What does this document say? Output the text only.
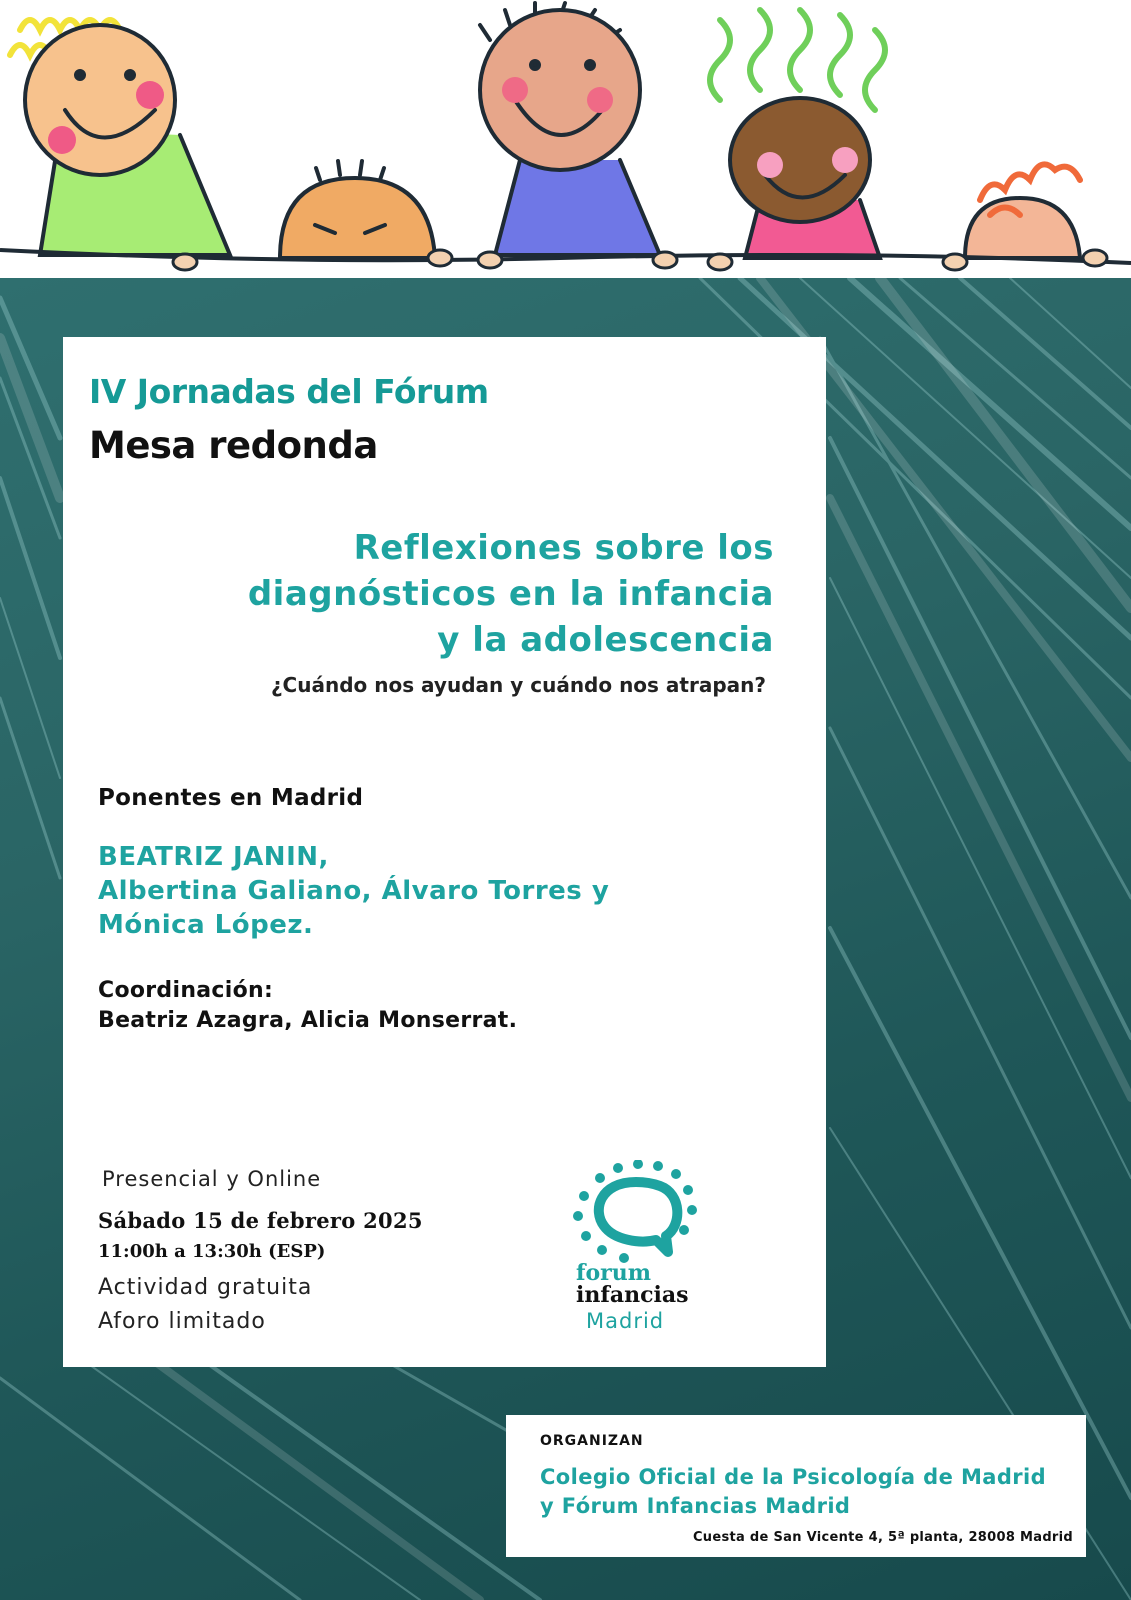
IV Jornadas del Fórum
Mesa redonda
Reflexiones sobre los
diagnósticos en la infancia
y la adolescencia
¿Cuándo nos ayudan y cuándo nos atrapan?
Ponentes en Madrid
BEATRIZ JANIN,
Albertina Galiano, Álvaro Torres y
Mónica López.
Coordinación:
Beatriz Azagra, Alicia Monserrat.
Presencial y Online
Sábado 15 de febrero 2025
11:00h a 13:30h (ESP)
Actividad gratuita
Aforo limitado
forum
infancias
Madrid
ORGANIZAN
Colegio Oficial de la Psicología de Madrid
y Fórum Infancias Madrid
Cuesta de San Vicente 4, 5ª planta, 28008 Madrid
